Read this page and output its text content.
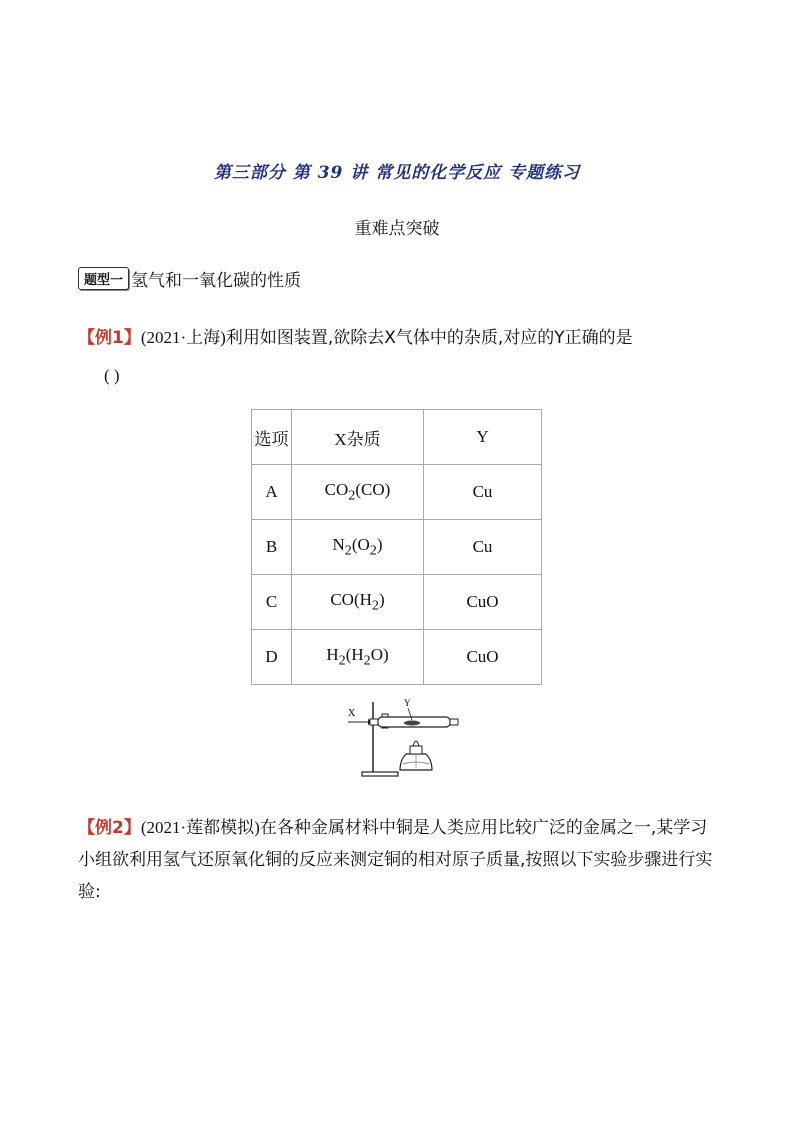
第三部分 第 39 讲 常见的化学反应 专题练习
重难点突破
题型一 氢气和一氧化碳的性质
【例1】(2021·上海)利用如图装置,欲除去X气体中的杂质,对应的Y正确的是
( )
选项	X杂质	Y
A	$CO_2(CO)$	Cu
B	$N_2(O_2)$	Cu
C	$CO(H_2)$	CuO
D	$H_2(H_2O)$	CuO
X
Y
【例2】(2021·莲都模拟)在各种金属材料中铜是人类应用比较广泛的金属之一,某学习小组欲利用氢气还原氧化铜的反应来测定铜的相对原子质量,按照以下实验步骤进行实验:
